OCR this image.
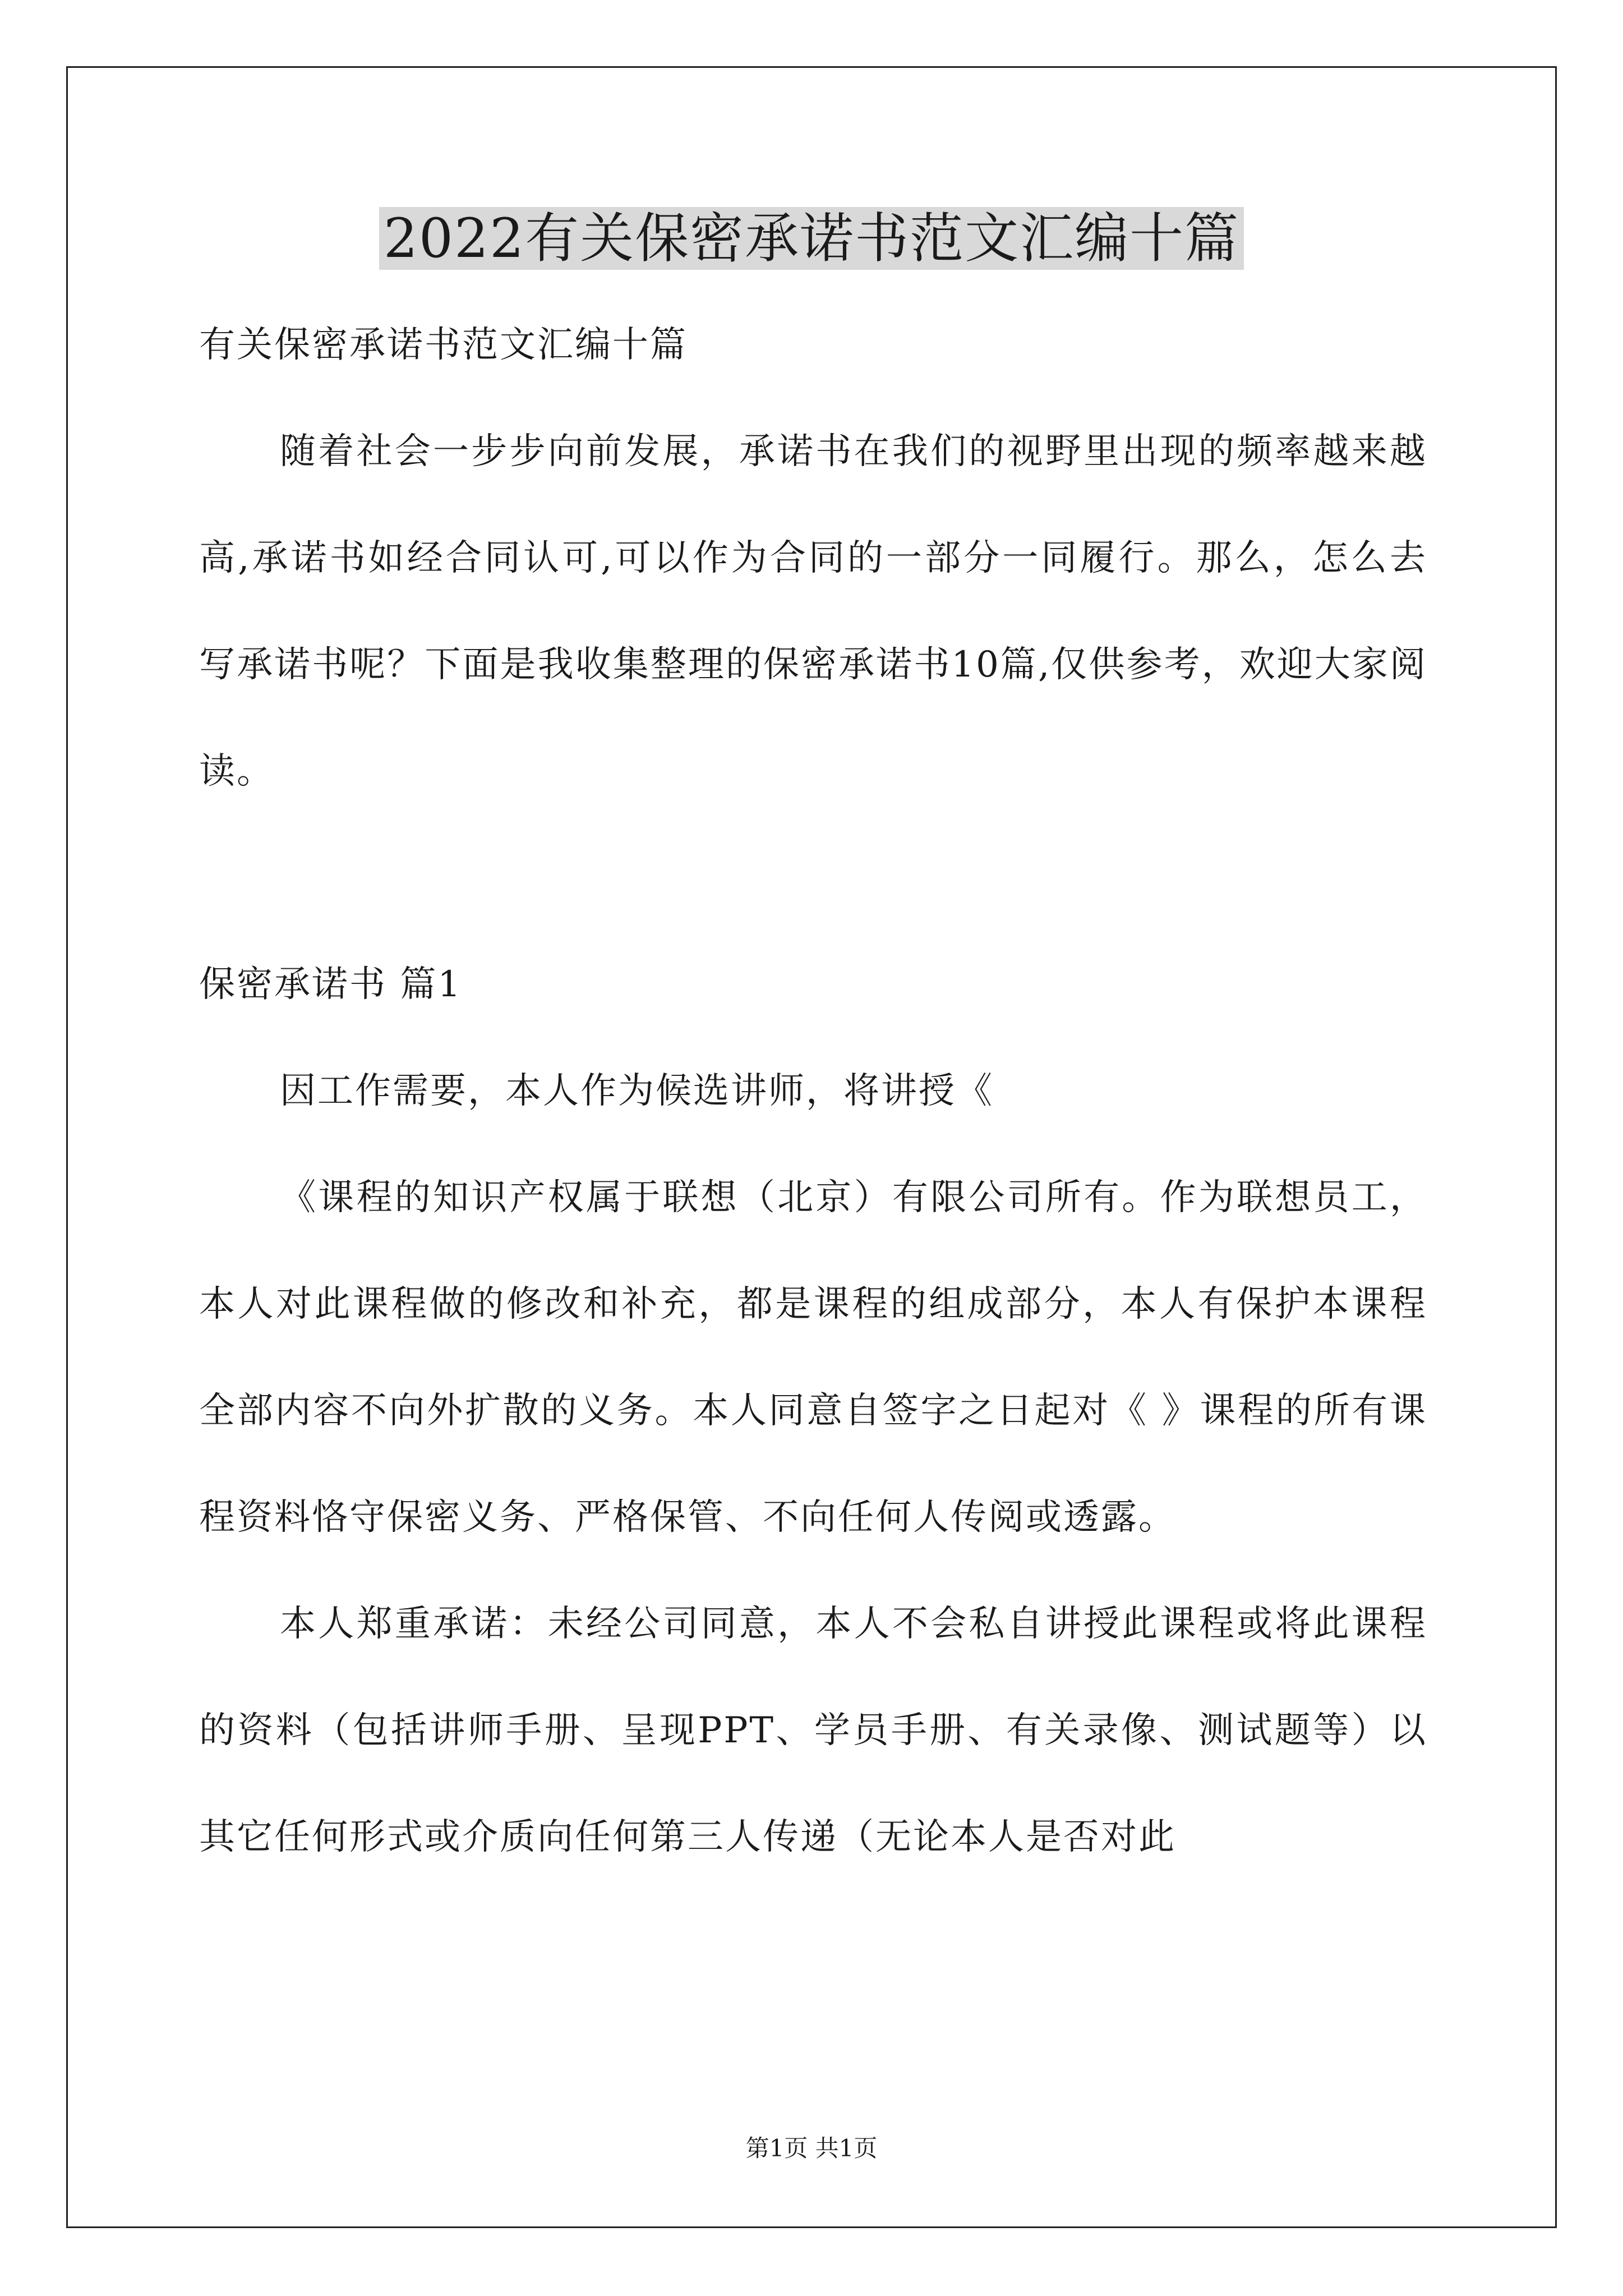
2022有关保密承诺书范文汇编十篇

有关保密承诺书范文汇编十篇

随着社会一步步向前发展，承诺书在我们的视野里出现的频率越来越高,承诺书如经合同认可,可以作为合同的一部分一同履行。那么，怎么去写承诺书呢？下面是我收集整理的保密承诺书10篇,仅供参考，欢迎大家阅读。

保密承诺书 篇1

因工作需要，本人作为候选讲师，将讲授《

《课程的知识产权属于联想（北京）有限公司所有。作为联想员工，本人对此课程做的修改和补充，都是课程的组成部分，本人有保护本课程全部内容不向外扩散的义务。本人同意自签字之日起对《 》课程的所有课程资料恪守保密义务、严格保管、不向任何人传阅或透露。

本人郑重承诺：未经公司同意，本人不会私自讲授此课程或将此课程的资料（包括讲师手册、呈现PPT、学员手册、有关录像、测试题等）以其它任何形式或介质向任何第三人传递（无论本人是否对此

第1页 共1页
